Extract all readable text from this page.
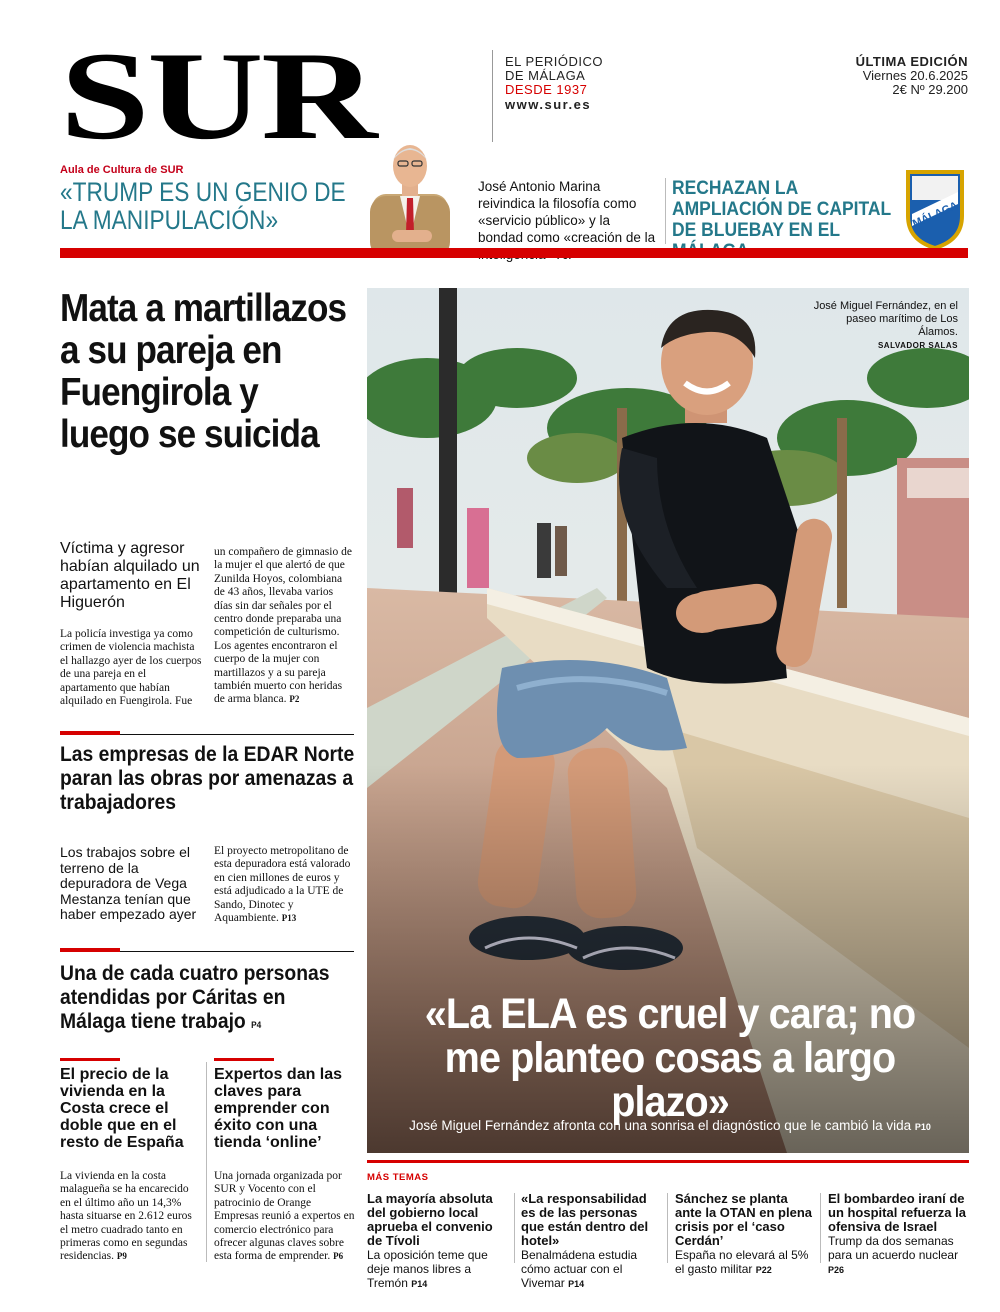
SUR	EL PERIÓDICO
DE MÁLAGA
DESDE 1937
www.sur.es
ÚLTIMA EDICIÓN
Viernes 20.6.2025
2€ Nº 29.200
Aula de Cultura de SUR
«TRUMP ES UN GENIO DE LA MANIPULACIÓN»
José Antonio Marina reivindica la filosofía como «servicio público» y la bondad como «creación de la
RECHAZAN LA AMPLIACIÓN DE CAPITAL DE BLUEBAY EN EL
MÁLAGA
Mata a martillazos a su pareja en Fuengirola y luego se suicida
Víctima y agresor habían alquilado un apartamento en El Higuerón
La policía investiga ya como crimen de violencia machista el hallazgo ayer de los cuerpos de una pareja en el apartamento que habían alquilado en Fuengirola. Fue
un compañero de gimnasio de la mujer el que alertó de que Zunilda Hoyos, colombiana de 43 años, llevaba varios días sin dar señales por el centro donde preparaba una competición de culturismo. Los agentes encontraron el cuerpo de la mujer con martillazos y a su pareja también muerto con heridas de arma blanca. P2
Las empresas de la EDAR Norte paran las obras por amenazas a trabajadores
Los trabajos sobre el terreno de la depuradora de Vega Mestanza tenían que haber empezado ayer
El proyecto metropolitano de esta depuradora está valorado en cien millones de euros y está adjudicado a la UTE de Sando, Dinotec y Aquambiente. P13
Una de cada cuatro personas atendidas por Cáritas en Málaga tiene trabajo P4
El precio de la vivienda en la Costa crece el doble que en el resto de España
La vivienda en la costa malagueña se ha encarecido en el último año un 14,3% hasta situarse en 2.612 euros el metro cuadrado tanto en primeras como en segundas residencias. P9
Expertos dan las claves para emprender con éxito con una tienda ‘online’
Una jornada organizada por SUR y Vocento con el patrocinio de Orange Empresas reunió a expertos en comercio electrónico para ofrecer algunas claves sobre esta forma de emprender. P6
José Miguel Fernández, en el paseo marítimo de Los Álamos.
SALVADOR SALAS
«La ELA es cruel y cara; no me planteo cosas a largo plazo»
José Miguel Fernández afronta con una sonrisa el diagnóstico que le cambió la vida P10
MÁS TEMAS
La mayoría absoluta del gobierno local aprueba el convenio de Tívoli
La oposición teme que deje manos libres a Tremón P14
«La responsabilidad es de las personas que están dentro del hotel»
Benalmádena estudia cómo actuar con el Vivemar P14
Sánchez se planta ante la OTAN en plena crisis por el ‘caso Cerdán’
España no elevará al 5% el gasto militar P22
El bombardeo iraní de un hospital refuerza la ofensiva de Israel
Trump da dos semanas para un acuerdo nuclear P26
